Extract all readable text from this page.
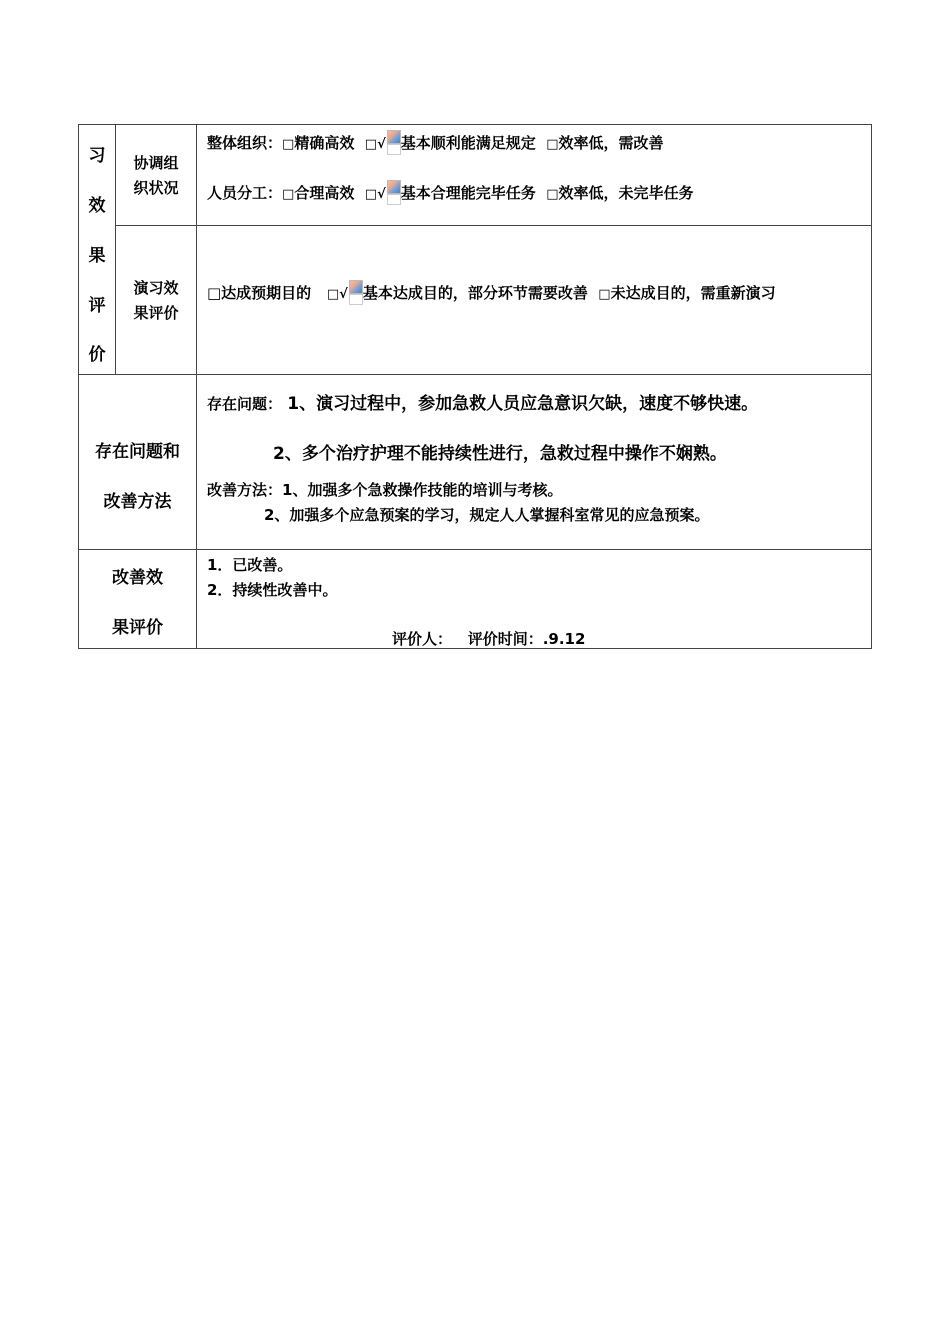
习
效
果
评
价
协调组
织状况
整体组织：□精确高效 □√ 基本顺利能满足规定 □效率低，需改善
人员分工：□合理高效 □√ 基本合理能完毕任务 □效率低，未完毕任务
演习效
果评价
□达成预期目的 □√ 基本达成目的，部分环节需要改善 □未达成目的，需重新演习
存在问题和
改善方法
存在问题： 1、演习过程中，参加急救人员应急意识欠缺，速度不够快速。
2、多个治疗护理不能持续性进行，急救过程中操作不娴熟。
改善方法：1、加强多个急救操作技能的培训与考核。
2、加强多个应急预案的学习，规定人人掌握科室常见的应急预案。
改善效
果评价
1．已改善。
2．持续性改善中。
评价人： 评价时间：.9.12
